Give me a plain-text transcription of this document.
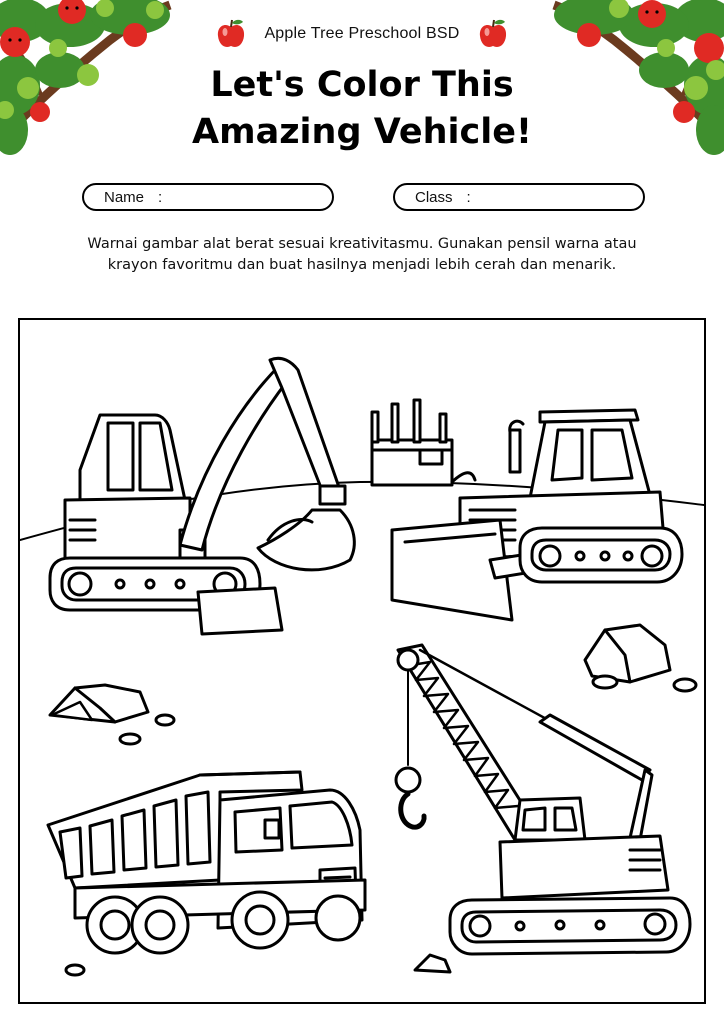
Apple Tree Preschool BSD
Let's Color This
Amazing Vehicle!
Name :	Class :
Warnai gambar alat berat sesuai kreativitasmu. Gunakan pensil warna atau
krayon favoritmu dan buat hasilnya menjadi lebih cerah dan menarik.
